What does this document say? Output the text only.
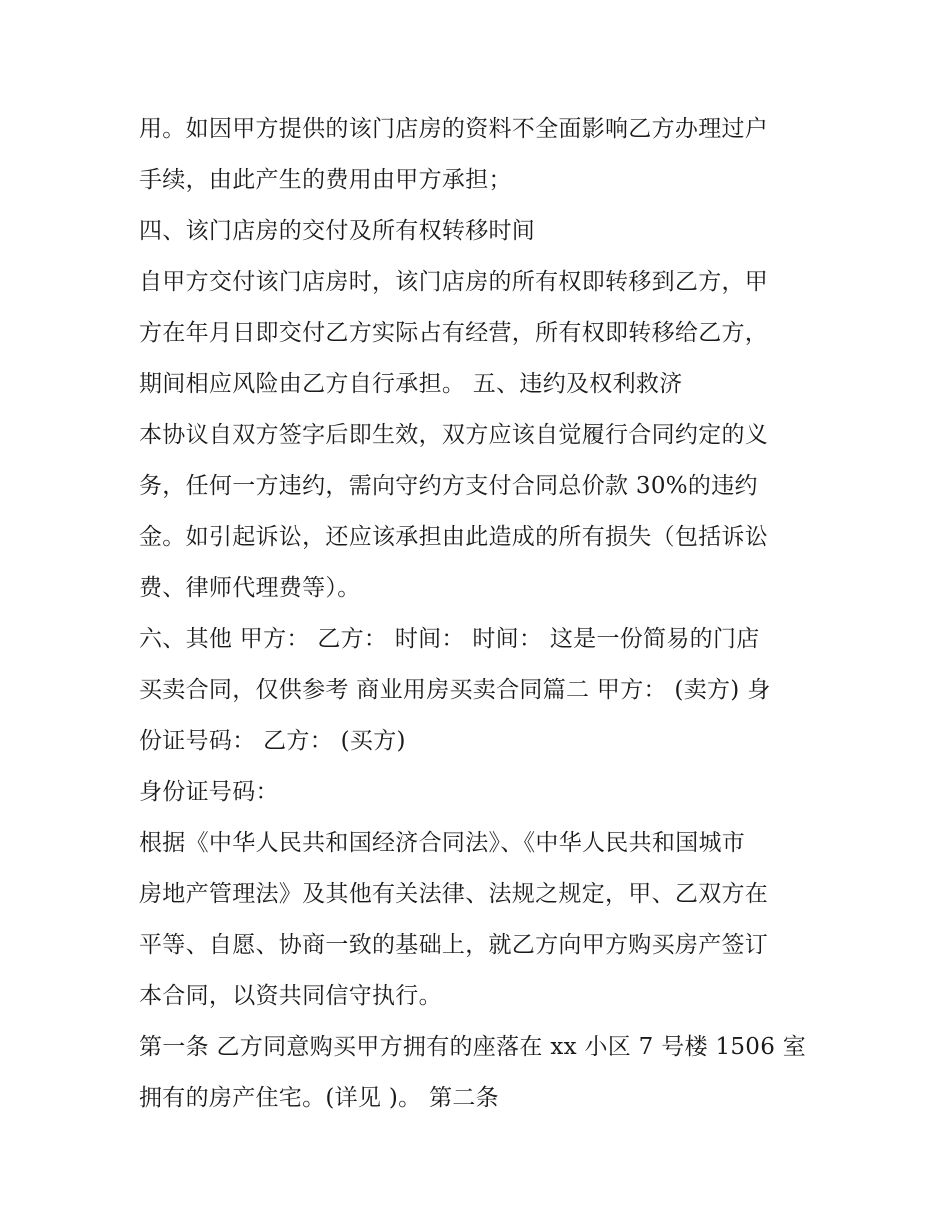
用。如因甲方提供的该门店房的资料不全面影响乙方办理过户
手续，由此产生的费用由甲方承担；
四、该门店房的交付及所有权转移时间
自甲方交付该门店房时，该门店房的所有权即转移到乙方，甲
方在年月日即交付乙方实际占有经营，所有权即转移给乙方，
期间相应风险由乙方自行承担。 五、违约及权利救济
本协议自双方签字后即生效，双方应该自觉履行合同约定的义
务，任何一方违约，需向守约方支付合同总价款 30%的违约
金。如引起诉讼，还应该承担由此造成的所有损失（包括诉讼
费、律师代理费等）。
六、其他 甲方： 乙方： 时间： 时间： 这是一份简易的门店
买卖合同，仅供参考 商业用房买卖合同篇二 甲方： (卖方) 身
份证号码： 乙方： (买方)
身份证号码：
根据《中华人民共和国经济合同法》、《中华人民共和国城市
房地产管理法》及其他有关法律、法规之规定，甲、乙双方在
平等、自愿、协商一致的基础上，就乙方向甲方购买房产签订
本合同，以资共同信守执行。
第一条 乙方同意购买甲方拥有的座落在 xx 小区 7 号楼 1506 室
拥有的房产住宅。(详见 )。 第二条
